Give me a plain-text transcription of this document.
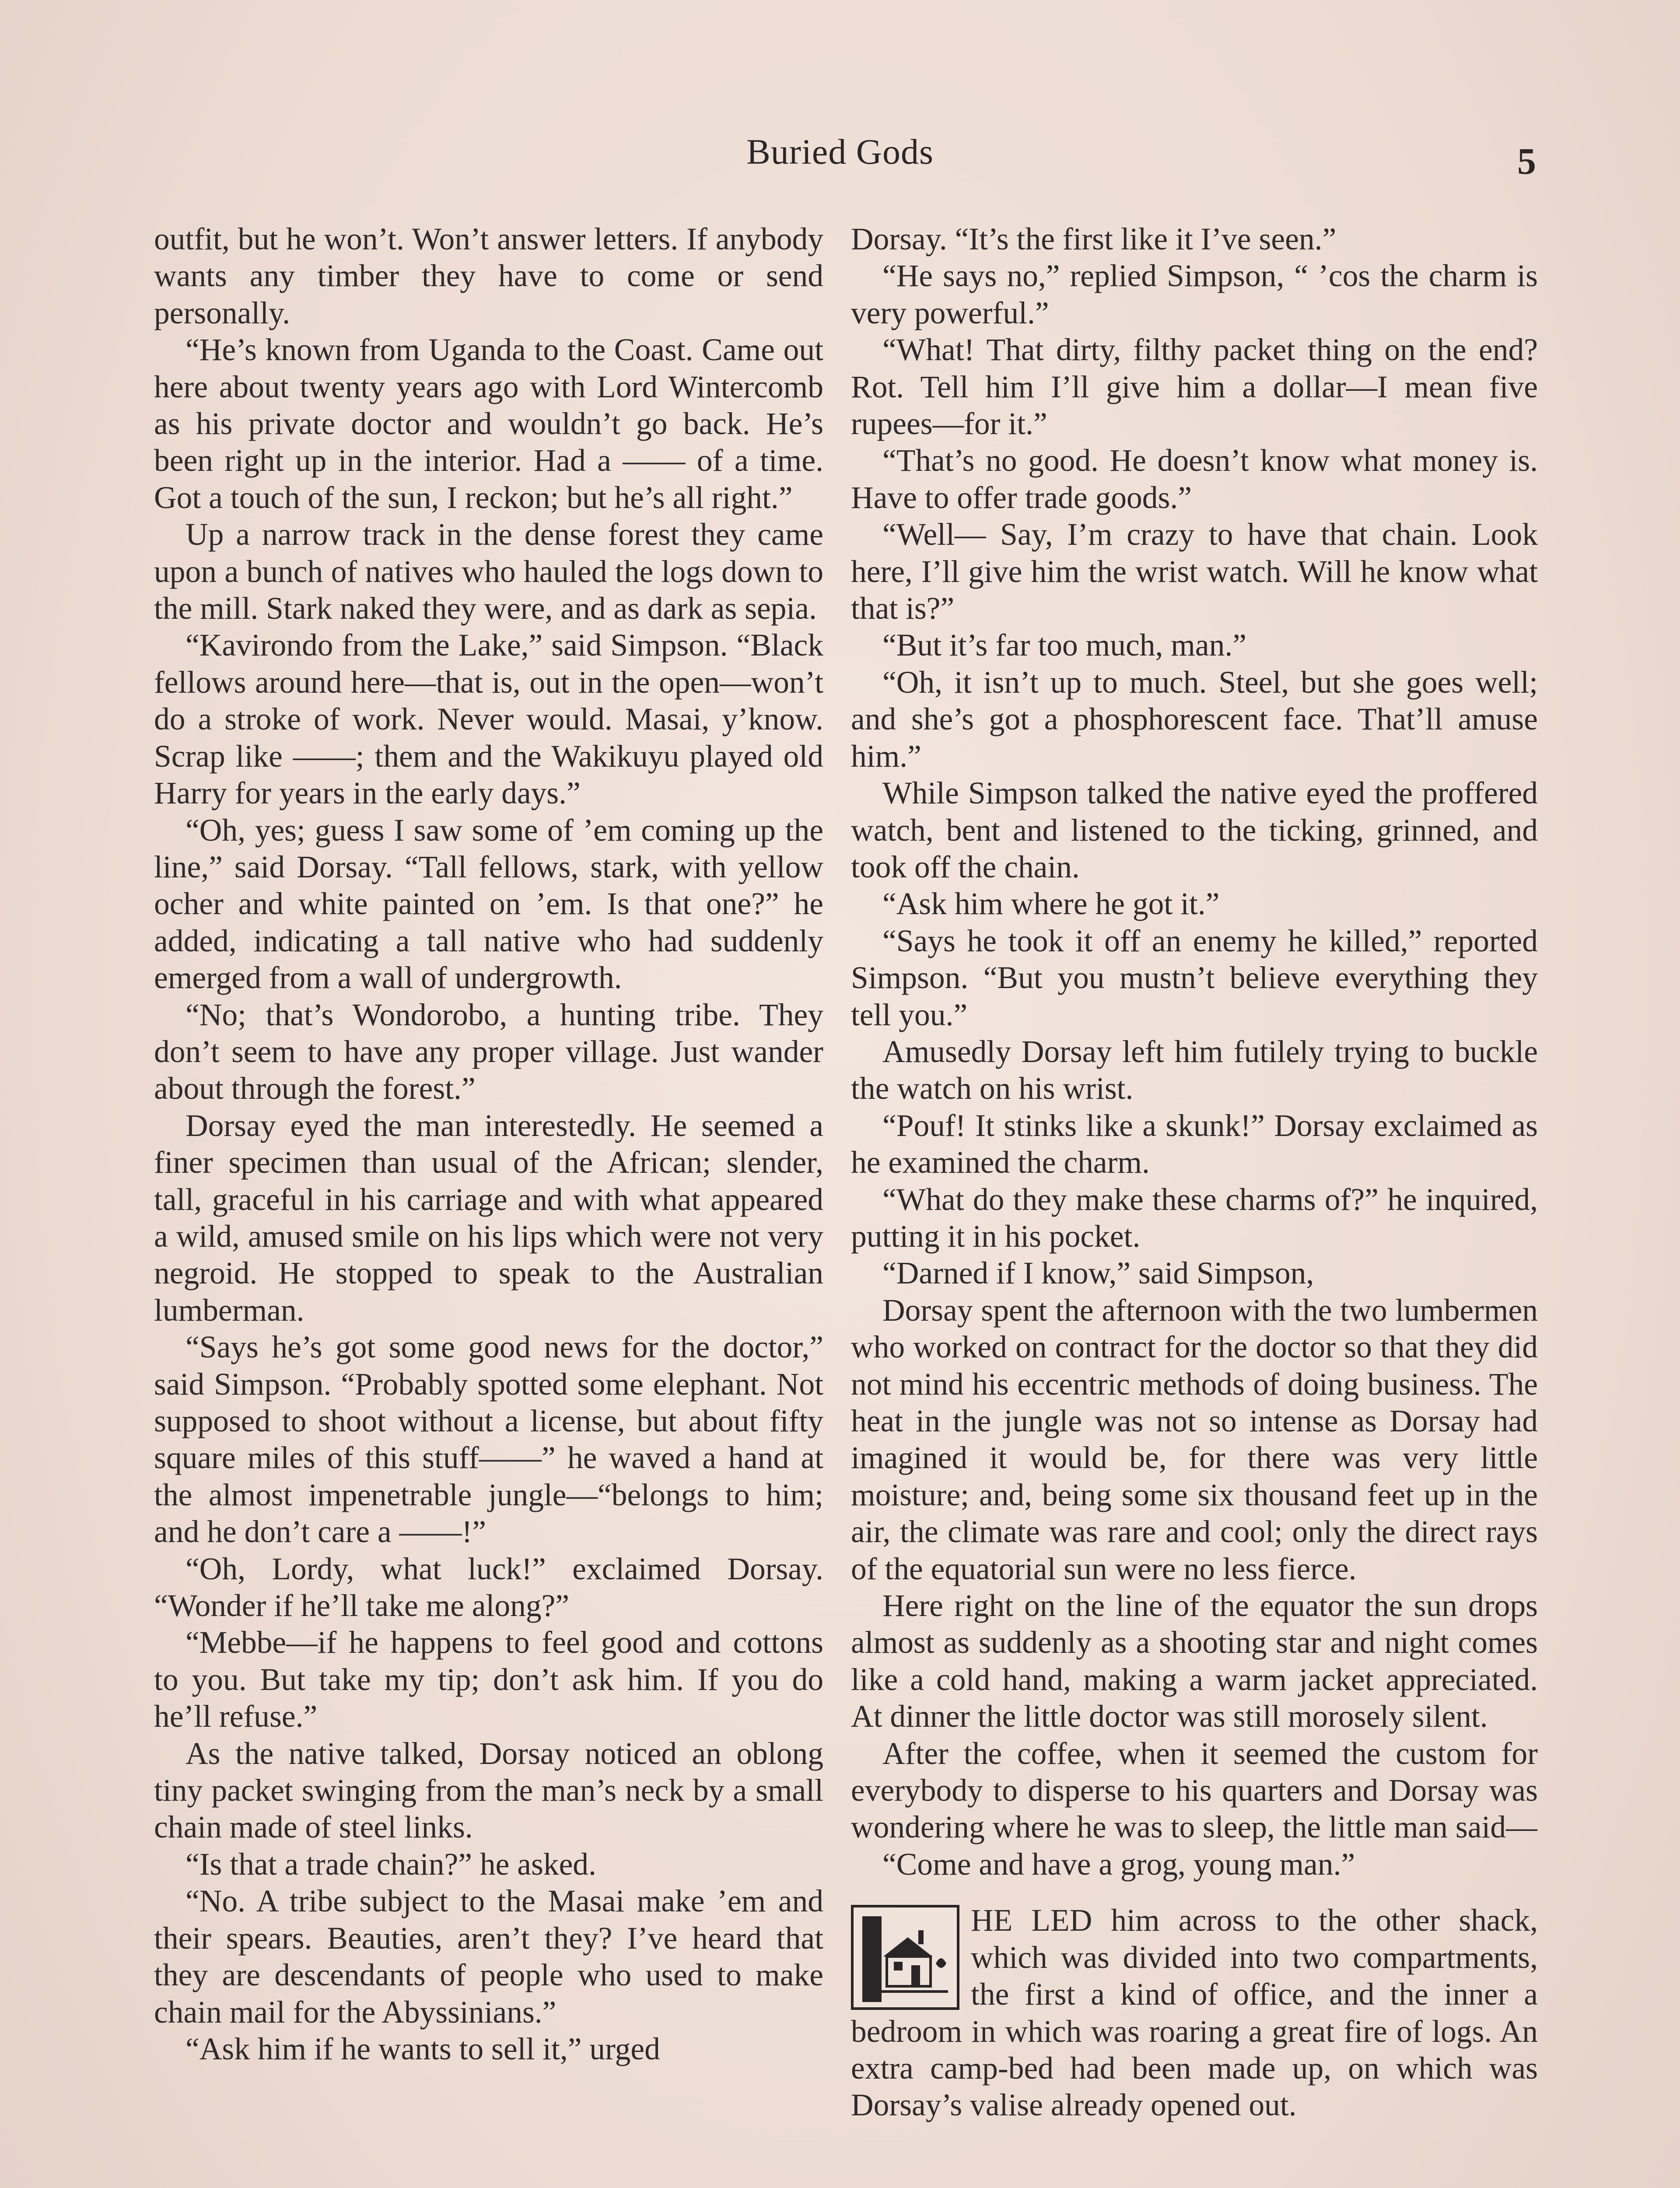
Buried Gods	5

outfit, but he won’t. Won’t answer letters. If anybody wants any timber they have to come or send personally.

“He’s known from Uganda to the Coast. Came out here about twenty years ago with Lord Wintercomb as his private doctor and wouldn’t go back. He’s been right up in the interior. Had a —— of a time. Got a touch of the sun, I reckon; but he’s all right.”

Up a narrow track in the dense forest they came upon a bunch of natives who hauled the logs down to the mill. Stark naked they were, and as dark as sepia.

“Kavirondo from the Lake,” said Simpson. “Black fellows around here—that is, out in the open—won’t do a stroke of work. Never would. Masai, y’know. Scrap like ——; them and the Wakikuyu played old Harry for years in the early days.”

“Oh, yes; guess I saw some of ’em coming up the line,” said Dorsay. “Tall fellows, stark, with yellow ocher and white painted on ’em. Is that one?” he added, indicating a tall native who had suddenly emerged from a wall of undergrowth.

“No; that’s Wondorobo, a hunting tribe. They don’t seem to have any proper village. Just wander about through the forest.”

Dorsay eyed the man interestedly. He seemed a finer specimen than usual of the African; slender, tall, graceful in his carriage and with what appeared a wild, amused smile on his lips which were not very negroid. He stopped to speak to the Australian lumberman.

“Says he’s got some good news for the doctor,” said Simpson. “Probably spotted some elephant. Not supposed to shoot without a license, but about fifty square miles of this stuff——” he waved a hand at the almost impenetrable jungle—“belongs to him; and he don’t care a ——!”

“Oh, Lordy, what luck!” exclaimed Dorsay. “Wonder if he’ll take me along?”

“Mebbe—if he happens to feel good and cottons to you. But take my tip; don’t ask him. If you do he’ll refuse.”

As the native talked, Dorsay noticed an oblong tiny packet swinging from the man’s neck by a small chain made of steel links.

“Is that a trade chain?” he asked.

“No. A tribe subject to the Masai make ’em and their spears. Beauties, aren’t they? I’ve heard that they are descendants of people who used to make chain mail for the Abyssinians.”

“Ask him if he wants to sell it,” urged

Dorsay. “It’s the first like it I’ve seen.”

“He says no,” replied Simpson, “ ’cos the charm is very powerful.”

“What! That dirty, filthy packet thing on the end? Rot. Tell him I’ll give him a dollar—I mean five rupees—for it.”

“That’s no good. He doesn’t know what money is. Have to offer trade goods.”

“Well— Say, I’m crazy to have that chain. Look here, I’ll give him the wrist watch. Will he know what that is?”

“But it’s far too much, man.”

“Oh, it isn’t up to much. Steel, but she goes well; and she’s got a phosphorescent face. That’ll amuse him.”

While Simpson talked the native eyed the proffered watch, bent and listened to the ticking, grinned, and took off the chain.

“Ask him where he got it.”

“Says he took it off an enemy he killed,” reported Simpson. “But you mustn’t believe everything they tell you.”

Amusedly Dorsay left him futilely trying to buckle the watch on his wrist.

“Pouf! It stinks like a skunk!” Dorsay exclaimed as he examined the charm.

“What do they make these charms of?” he inquired, putting it in his pocket.

“Darned if I know,” said Simpson,

Dorsay spent the afternoon with the two lumbermen who worked on contract for the doctor so that they did not mind his eccentric methods of doing business. The heat in the jungle was not so intense as Dorsay had imagined it would be, for there was very little moisture; and, being some six thousand feet up in the air, the climate was rare and cool; only the direct rays of the equatorial sun were no less fierce.

Here right on the line of the equator the sun drops almost as suddenly as a shooting star and night comes like a cold hand, making a warm jacket appreciated. At dinner the little doctor was still morosely silent.

After the coffee, when it seemed the custom for everybody to disperse to his quarters and Dorsay was wondering where he was to sleep, the little man said—

“Come and have a grog, young man.”

HE LED him across to the other shack, which was divided into two compartments, the first a kind of office, and the inner a bedroom in which was roaring a great fire of logs. An extra camp-bed had been made up, on which was Dorsay’s valise already opened out.
